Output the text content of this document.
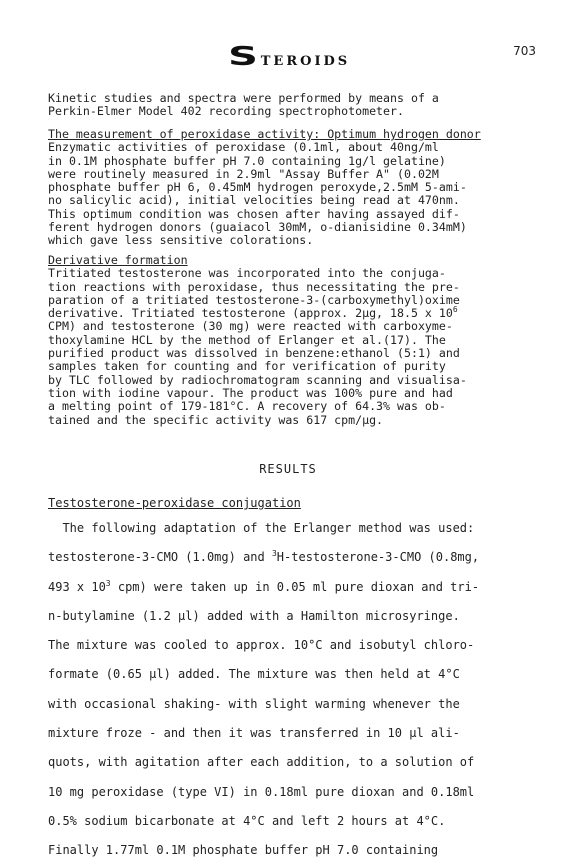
STEROIDS
703
Kinetic studies and spectra were performed by means of a
Perkin-Elmer Model 402 recording spectrophotometer.
The measurement of peroxidase activity: Optimum hydrogen donor
Enzymatic activities of peroxidase (0.1ml, about 40ng/ml
in 0.1M phosphate buffer pH 7.0 containing 1g/l gelatine)
were routinely measured in 2.9ml "Assay Buffer A" (0.02M
phosphate buffer pH 6, 0.45mM hydrogen peroxyde,2.5mM 5-ami-
no salicylic acid), initial velocities being read at 470nm.
This optimum condition was chosen after having assayed dif-
ferent hydrogen donors (guaiacol 30mM, o-dianisidine 0.34mM)
which gave less sensitive colorations.
Derivative formation
Tritiated testosterone was incorporated into the conjuga-
tion reactions with peroxidase, thus necessitating the pre-
paration of a tritiated testosterone-3-(carboxymethyl)oxime
derivative. Tritiated testosterone (approx. 2μg, 18.5 x $10^6$
CPM) and testosterone (30 mg) were reacted with carboxyme-
thoxylamine HCL by the method of Erlanger et al.(17). The
purified product was dissolved in benzene:ethanol (5:1) and
samples taken for counting and for verification of purity
by TLC followed by radiochromatogram scanning and visualisa-
tion with iodine vapour. The product was 100% pure and had
a melting point of 179-181°C. A recovery of 64.3% was ob-
tained and the specific activity was 617 cpm/μg.
RESULTS
Testosterone-peroxidase conjugation
The following adaptation of the Erlanger method was used:
testosterone-3-CMO (1.0mg) and $^3$H-testosterone-3-CMO (0.8mg,
493 x $10^3$ cpm) were taken up in 0.05 ml pure dioxan and tri-
n-butylamine (1.2 μl) added with a Hamilton microsyringe.
The mixture was cooled to approx. 10°C and isobutyl chloro-
formate (0.65 μl) added. The mixture was then held at 4°C
with occasional shaking- with slight warming whenever the
mixture froze - and then it was transferred in 10 μl ali-
quots, with agitation after each addition, to a solution of
10 mg peroxidase (type VI) in 0.18ml pure dioxan and 0.18ml
0.5% sodium bicarbonate at 4°C and left 2 hours at 4°C.
Finally 1.77ml 0.1M phosphate buffer pH 7.0 containing
